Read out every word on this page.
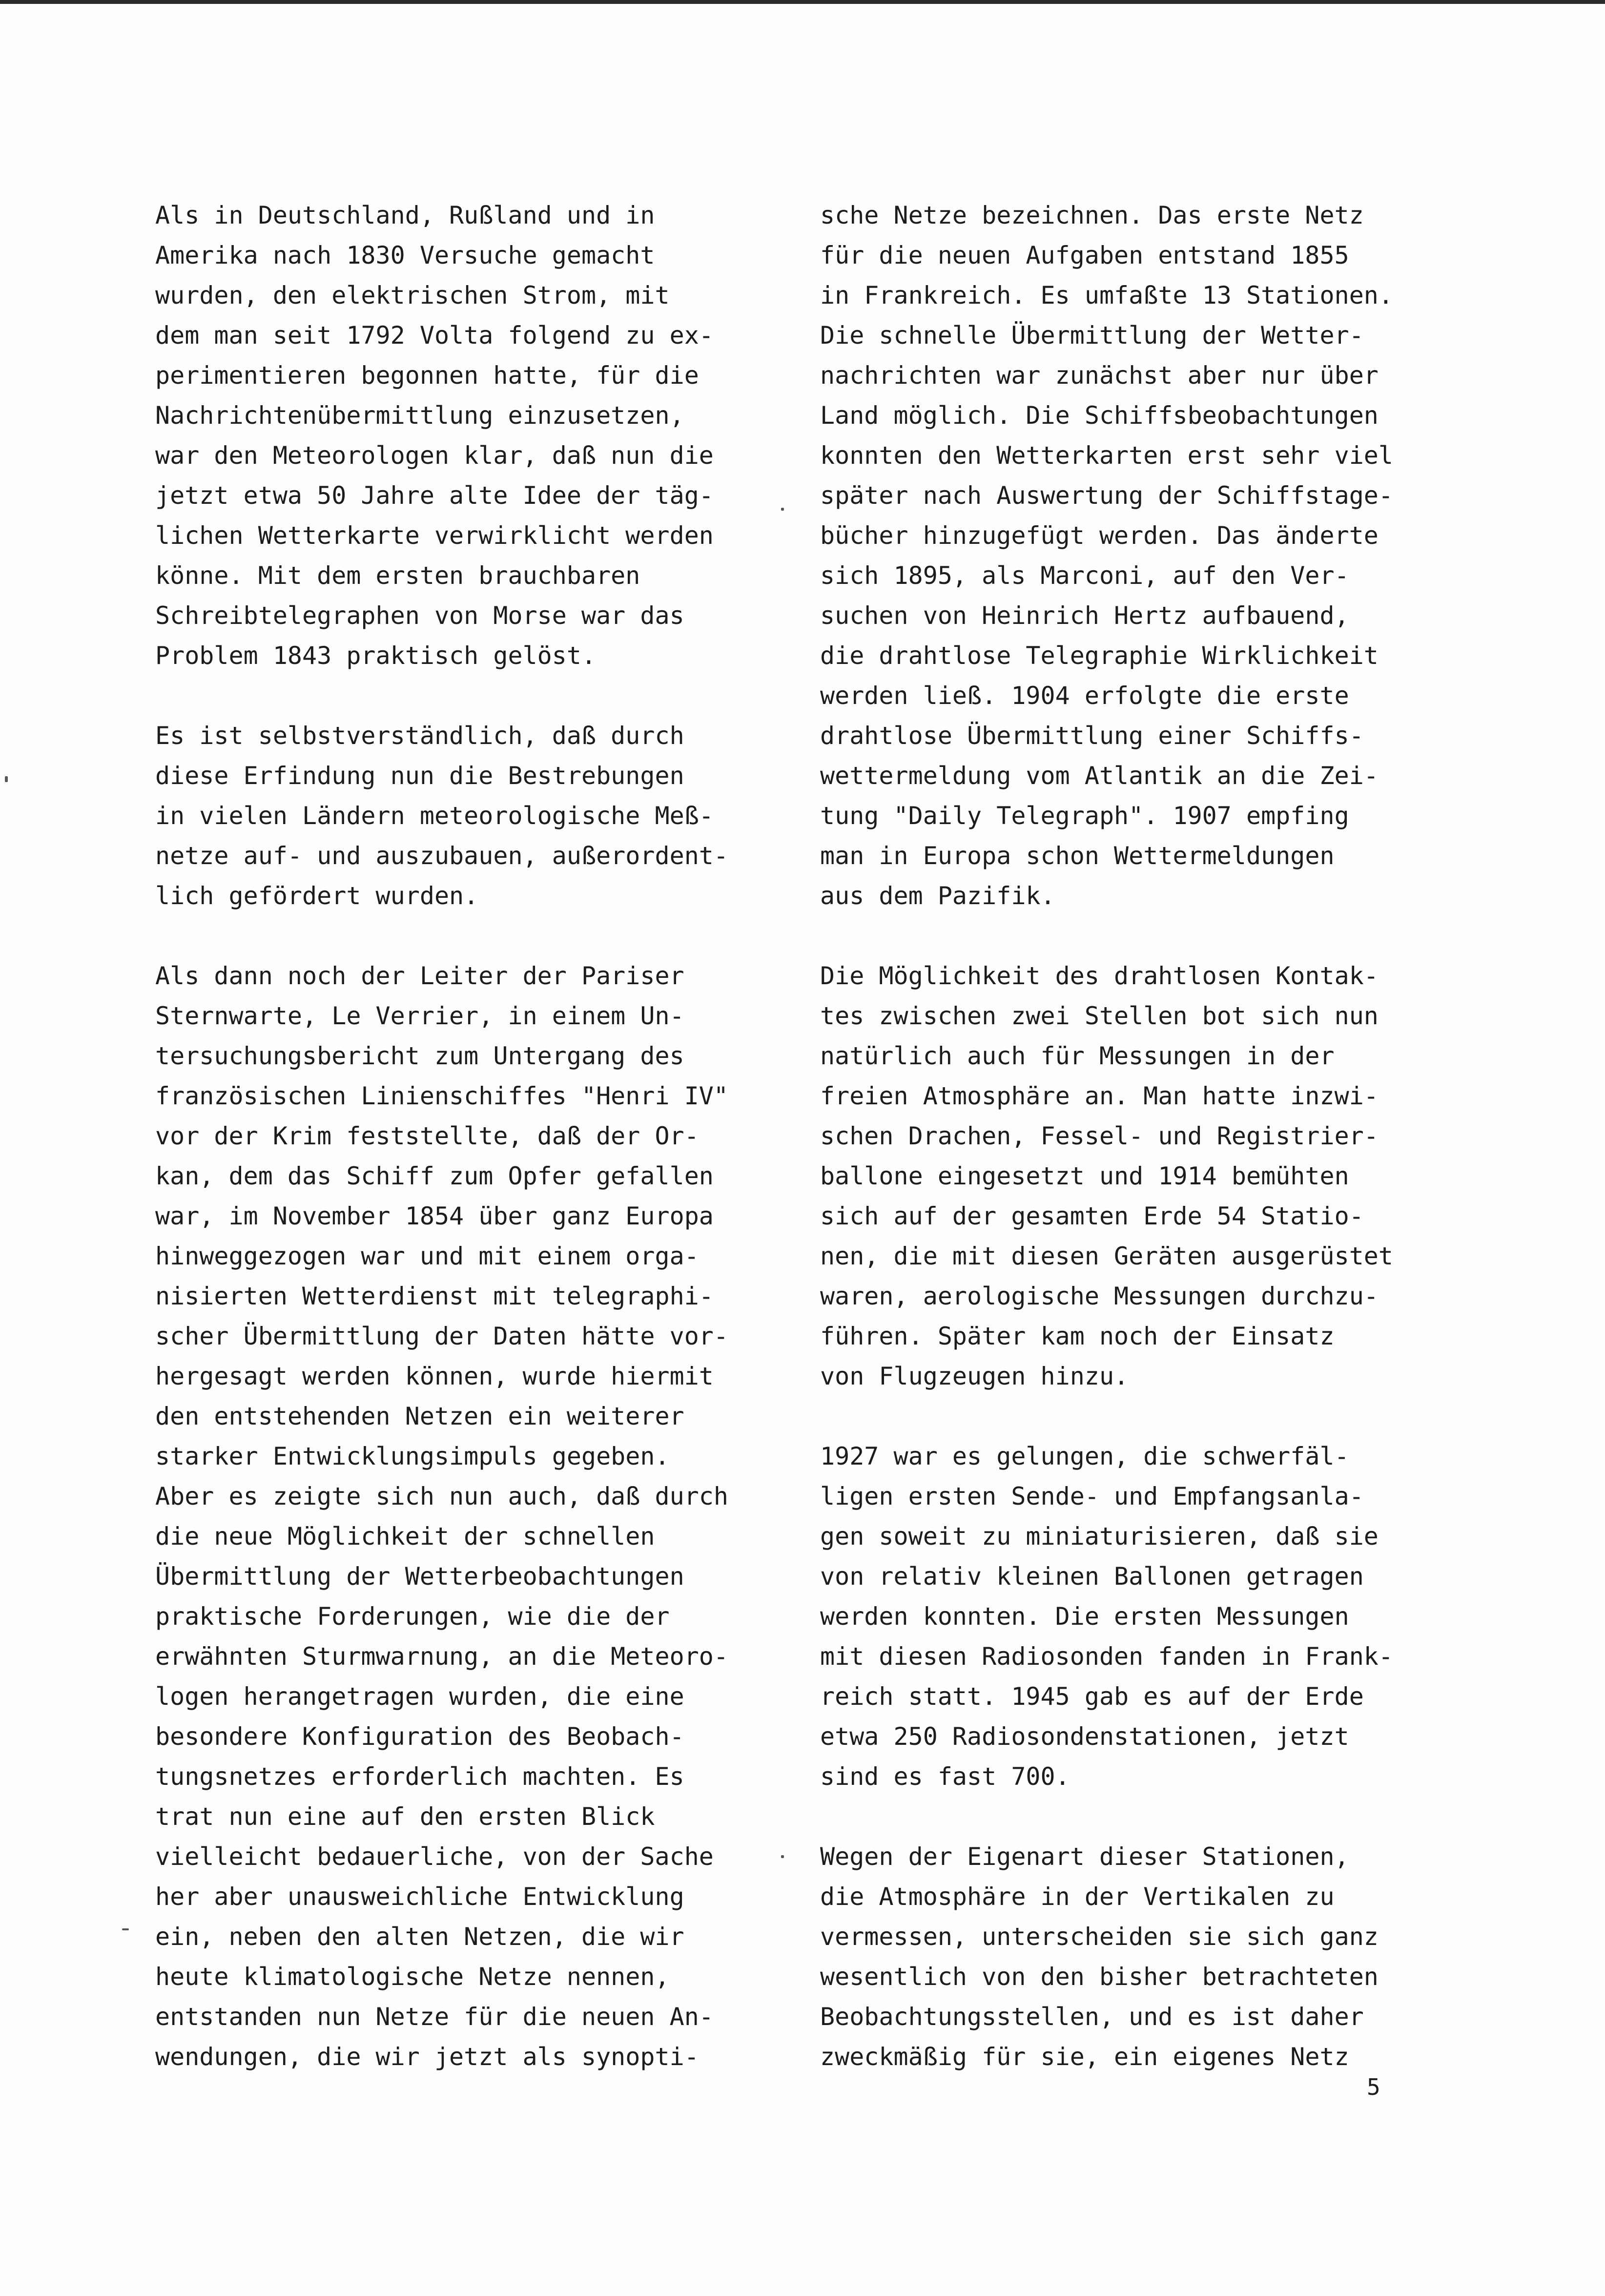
Als in Deutschland, Rußland und in
Amerika nach 1830 Versuche gemacht
wurden, den elektrischen Strom, mit
dem man seit 1792 Volta folgend zu ex-
perimentieren begonnen hatte, für die
Nachrichtenübermittlung einzusetzen,
war den Meteorologen klar, daß nun die
jetzt etwa 50 Jahre alte Idee der täg-
lichen Wetterkarte verwirklicht werden
könne. Mit dem ersten brauchbaren
Schreibtelegraphen von Morse war das
Problem 1843 praktisch gelöst.
Es ist selbstverständlich, daß durch
diese Erfindung nun die Bestrebungen
in vielen Ländern meteorologische Meß-
netze auf- und auszubauen, außerordent-
lich gefördert wurden.
Als dann noch der Leiter der Pariser
Sternwarte, Le Verrier, in einem Un-
tersuchungsbericht zum Untergang des
französischen Linienschiffes "Henri IV"
vor der Krim feststellte, daß der Or-
kan, dem das Schiff zum Opfer gefallen
war, im November 1854 über ganz Europa
hinweggezogen war und mit einem orga-
nisierten Wetterdienst mit telegraphi-
scher Übermittlung der Daten hätte vor-
hergesagt werden können, wurde hiermit
den entstehenden Netzen ein weiterer
starker Entwicklungsimpuls gegeben.
Aber es zeigte sich nun auch, daß durch
die neue Möglichkeit der schnellen
Übermittlung der Wetterbeobachtungen
praktische Forderungen, wie die der
erwähnten Sturmwarnung, an die Meteoro-
logen herangetragen wurden, die eine
besondere Konfiguration des Beobach-
tungsnetzes erforderlich machten. Es
trat nun eine auf den ersten Blick
vielleicht bedauerliche, von der Sache
her aber unausweichliche Entwicklung
ein, neben den alten Netzen, die wir
heute klimatologische Netze nennen,
entstanden nun Netze für die neuen An-
wendungen, die wir jetzt als synopti-
sche Netze bezeichnen. Das erste Netz
für die neuen Aufgaben entstand 1855
in Frankreich. Es umfaßte 13 Stationen.
Die schnelle Übermittlung der Wetter-
nachrichten war zunächst aber nur über
Land möglich. Die Schiffsbeobachtungen
konnten den Wetterkarten erst sehr viel
später nach Auswertung der Schiffstage-
bücher hinzugefügt werden. Das änderte
sich 1895, als Marconi, auf den Ver-
suchen von Heinrich Hertz aufbauend,
die drahtlose Telegraphie Wirklichkeit
werden ließ. 1904 erfolgte die erste
drahtlose Übermittlung einer Schiffs-
wettermeldung vom Atlantik an die Zei-
tung "Daily Telegraph". 1907 empfing
man in Europa schon Wettermeldungen
aus dem Pazifik.
Die Möglichkeit des drahtlosen Kontak-
tes zwischen zwei Stellen bot sich nun
natürlich auch für Messungen in der
freien Atmosphäre an. Man hatte inzwi-
schen Drachen, Fessel- und Registrier-
ballone eingesetzt und 1914 bemühten
sich auf der gesamten Erde 54 Statio-
nen, die mit diesen Geräten ausgerüstet
waren, aerologische Messungen durchzu-
führen. Später kam noch der Einsatz
von Flugzeugen hinzu.
1927 war es gelungen, die schwerfäl-
ligen ersten Sende- und Empfangsanla-
gen soweit zu miniaturisieren, daß sie
von relativ kleinen Ballonen getragen
werden konnten. Die ersten Messungen
mit diesen Radiosonden fanden in Frank-
reich statt. 1945 gab es auf der Erde
etwa 250 Radiosondenstationen, jetzt
sind es fast 700.
Wegen der Eigenart dieser Stationen,
die Atmosphäre in der Vertikalen zu
vermessen, unterscheiden sie sich ganz
wesentlich von den bisher betrachteten
Beobachtungsstellen, und es ist daher
zweckmäßig für sie, ein eigenes Netz
5
